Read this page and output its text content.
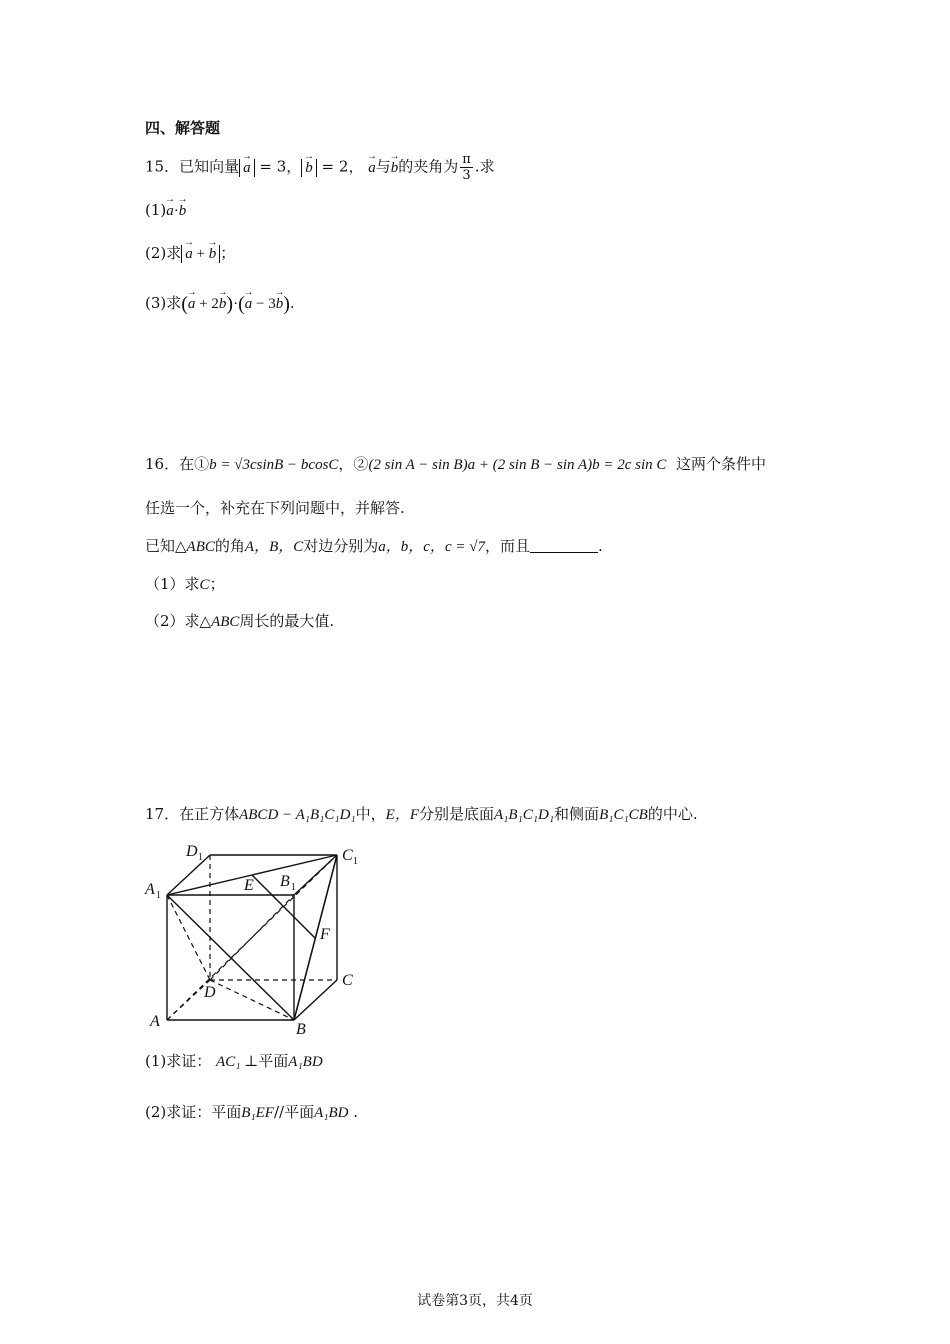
四、解答题
15．已知向量 → a = 3， → b = 2， → a与→ b的夹角为 $\frac{\pi}{3}$ .求
(1)→ a·→ b
(2)求 → a + → b ；
(3)求(→ a + 2→ b)·(→ a − 3→ b).
16．在①b = √3csinB − bcosC，②(2 sin A − sin B)a + (2 sin B − sin A)b = 2c sin C 这两个条件中
任选一个，补充在下列问题中，并解答.
已知△ABC的角A，B，C对边分别为a，b，c，c = √7，而且	.
（1）求C；
（2）求△ABC周长的最大值.
17．在正方体ABCD − A₁B₁C₁D₁中，E，F分别是底面A₁B₁C₁D₁和侧面B₁C₁CB的中心.
D 1	C 1
A 1
E B 1
F
C
D
A	B
(1)求证： AC₁ ⊥平面A₁BD
(2)求证：平面B₁EF//平面A₁BD .
试卷第3页，共4页
